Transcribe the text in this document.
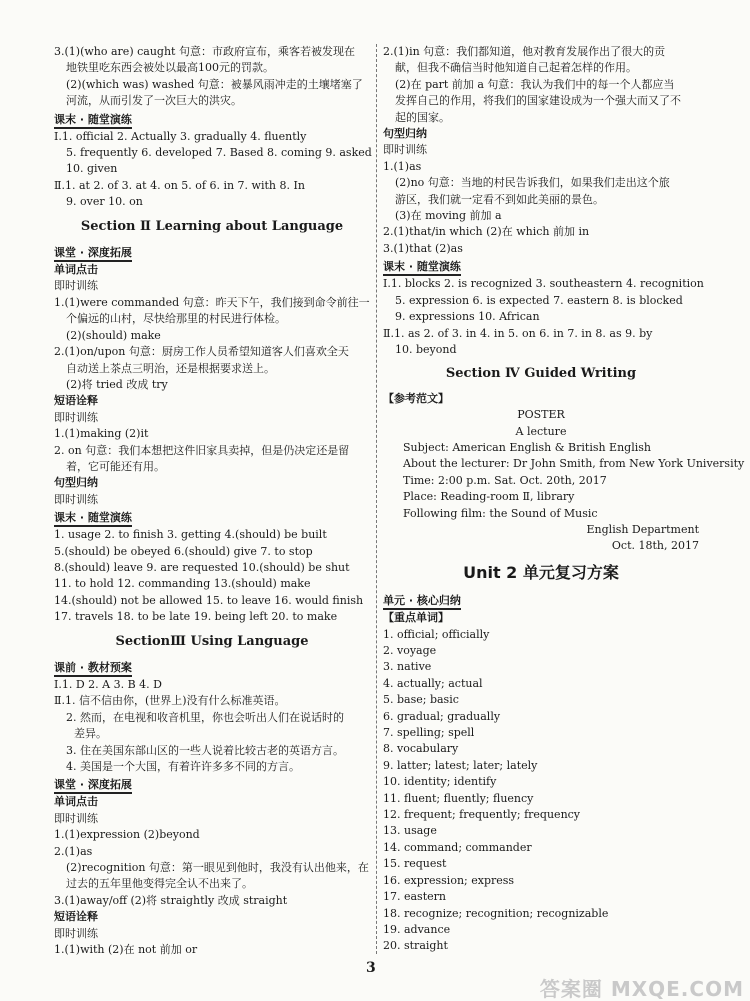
3.(1)(who are) caught 句意：市政府宣布，乘客若被发现在
地铁里吃东西会被处以最高100元的罚款。
(2)(which was) washed 句意：被暴风雨冲走的土壤堵塞了
河流，从而引发了一次巨大的洪灾。
课末 · 随堂演练
Ⅰ.1. official 2. Actually 3. gradually 4. fluently
5. frequently 6. developed 7. Based 8. coming 9. asked
10. given
Ⅱ.1. at 2. of 3. at 4. on 5. of 6. in 7. with 8. In
9. over 10. on
Section Ⅱ Learning about Language
课堂 · 深度拓展
单词点击
即时训练
1.(1)were commanded 句意：昨天下午，我们接到命令前往一
个偏远的山村，尽快给那里的村民进行体检。
(2)(should) make
2.(1)on/upon 句意：厨房工作人员希望知道客人们喜欢全天
自动送上茶点三明治，还是根据要求送上。
(2)将 tried 改成 try
短语诠释
即时训练
1.(1)making (2)it
2. on 句意：我们本想把这件旧家具卖掉，但是仍决定还是留
着，它可能还有用。
句型归纳
即时训练
课末 · 随堂演练
1. usage 2. to finish 3. getting 4.(should) be built
5.(should) be obeyed 6.(should) give 7. to stop
8.(should) leave 9. are requested 10.(should) be shut
11. to hold 12. commanding 13.(should) make
14.(should) not be allowed 15. to leave 16. would finish
17. travels 18. to be late 19. being left 20. to make
SectionⅢ Using Language
课前 · 教材预案
Ⅰ.1. D 2. A 3. B 4. D
Ⅱ.1. 信不信由你，(世界上)没有什么标准英语。
2. 然而，在电视和收音机里，你也会听出人们在说话时的
差异。
3. 住在美国东部山区的一些人说着比较古老的英语方言。
4. 美国是一个大国，有着许许多多不同的方言。
课堂 · 深度拓展
单词点击
即时训练
1.(1)expression (2)beyond
2.(1)as
(2)recognition 句意：第一眼见到他时，我没有认出他来，在
过去的五年里他变得完全认不出来了。
3.(1)away/off (2)将 straightly 改成 straight
短语诠释
即时训练
1.(1)with (2)在 not 前加 or
2.(1)in 句意：我们都知道，他对教育发展作出了很大的贡
献，但我不确信当时他知道自己起着怎样的作用。
(2)在 part 前加 a 句意：我认为我们中的每一个人都应当
发挥自己的作用，将我们的国家建设成为一个强大而又了不
起的国家。
句型归纳
即时训练
1.(1)as
(2)no 句意：当地的村民告诉我们，如果我们走出这个旅
游区，我们就一定看不到如此美丽的景色。
(3)在 moving 前加 a
2.(1)that/in which (2)在 which 前加 in
3.(1)that (2)as
课末 · 随堂演练
Ⅰ.1. blocks 2. is recognized 3. southeastern 4. recognition
5. expression 6. is expected 7. eastern 8. is blocked
9. expressions 10. African
Ⅱ.1. as 2. of 3. in 4. in 5. on 6. in 7. in 8. as 9. by
10. beyond
Section Ⅳ Guided Writing
【参考范文】
POSTER
A lecture
Subject: American English & British English
About the lecturer: Dr John Smith, from New York University
Time: 2:00 p.m. Sat. Oct. 20th, 2017
Place: Reading-room Ⅱ, library
Following film: the Sound of Music
English Department
Oct. 18th, 2017
Unit 2 单元复习方案
单元 · 核心归纳
【重点单词】
1. official; officially
2. voyage
3. native
4. actually; actual
5. base; basic
6. gradual; gradually
7. spelling; spell
8. vocabulary
9. latter; latest; later; lately
10. identity; identify
11. fluent; fluently; fluency
12. frequent; frequently; frequency
13. usage
14. command; commander
15. request
16. expression; express
17. eastern
18. recognize; recognition; recognizable
19. advance
20. straight
3
答案圈 MXQE.COM
